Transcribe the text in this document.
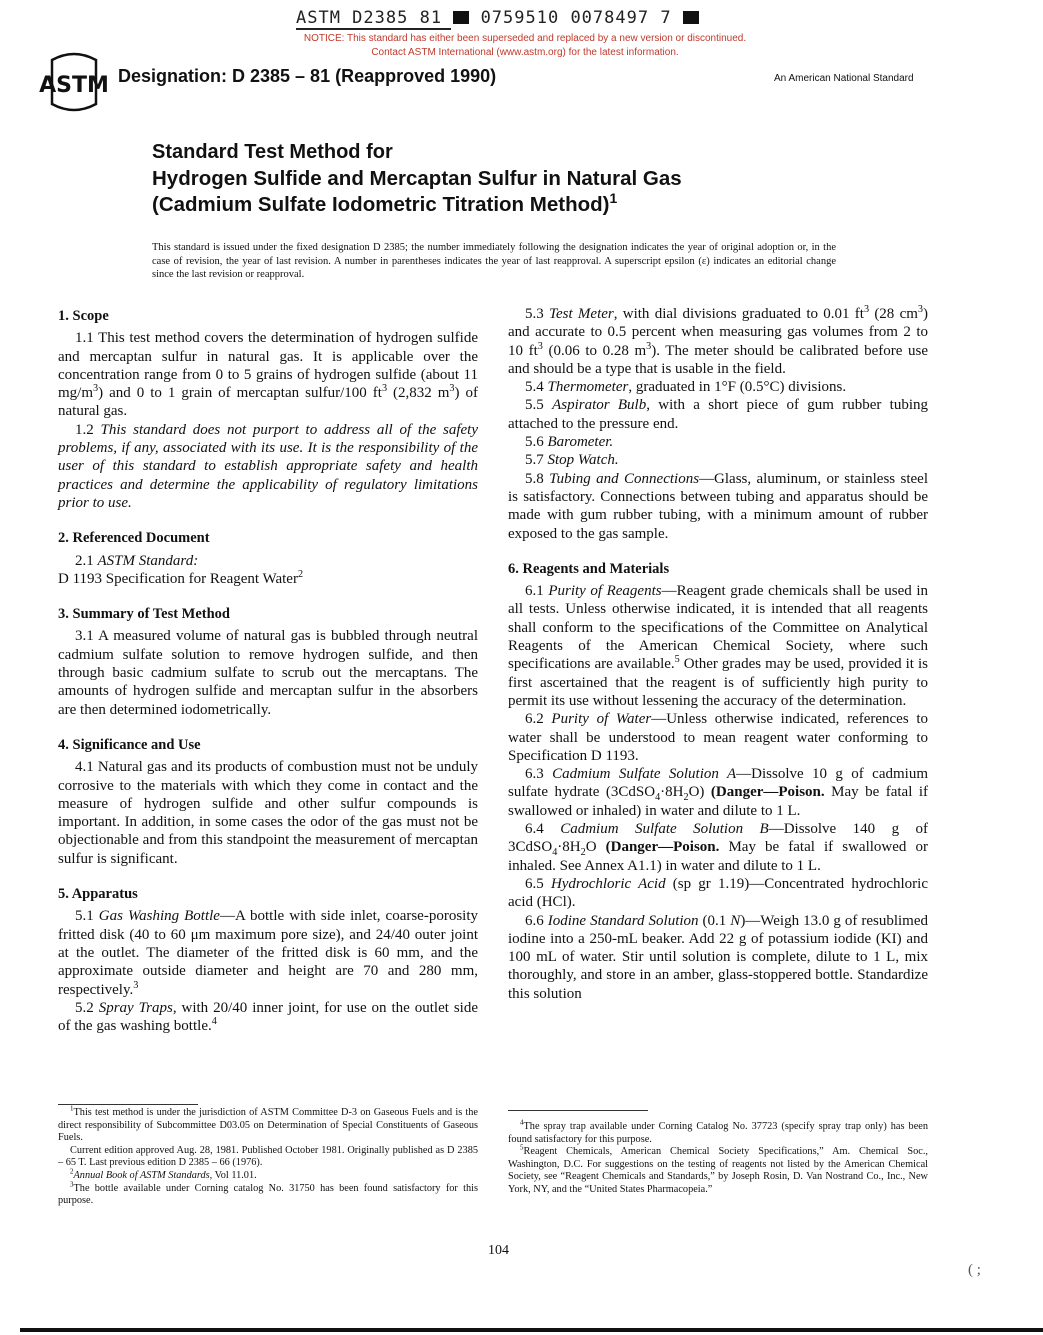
ASTM D2385 81 0759510 0078497 7
NOTICE: This standard has either been superseded and replaced by a new version or discontinued.
Contact ASTM International (www.astm.org) for the latest information.
ASTM Designation: D 2385 – 81 (Reapproved 1990)	An American National Standard
Standard Test Method for
Hydrogen Sulfide and Mercaptan Sulfur in Natural Gas
(Cadmium Sulfate Iodometric Titration Method)$^1$
This standard is issued under the fixed designation D 2385; the number immediately following the designation indicates the year of original adoption or, in the case of revision, the year of last revision. A number in parentheses indicates the year of last reapproval. A superscript epsilon (ε) indicates an editorial change since the last revision or reapproval.
1. Scope

1.1 This test method covers the determination of hydrogen sulfide and mercaptan sulfur in natural gas. It is applicable over the concentration range from 0 to 5 grains of hydrogen sulfide (about 11 $mg/m^3$) and 0 to 1 grain of mercaptan sulfur/100 $ft^3$ (2,832 $m^3$) of natural gas.

1.2 This standard does not purport to address all of the safety problems, if any, associated with its use. It is the responsibility of the user of this standard to establish appropriate safety and health practices and determine the applicability of regulatory limitations prior to use.

2. Referenced Document

2.1 ASTM Standard:

D 1193 Specification for Reagent Water$^2$

3. Summary of Test Method

3.1 A measured volume of natural gas is bubbled through neutral cadmium sulfate solution to remove hydrogen sulfide, and then through basic cadmium sulfate to scrub out the mercaptans. The amounts of hydrogen sulfide and mercaptan sulfur in the absorbers are then determined iodometrically.

4. Significance and Use

4.1 Natural gas and its products of combustion must not be unduly corrosive to the materials with which they come in contact and the measure of hydrogen sulfide and other sulfur compounds is important. In addition, in some cases the odor of the gas must not be objectionable and from this standpoint the measurement of mercaptan sulfur is significant.

5. Apparatus

5.1 Gas Washing Bottle—A bottle with side inlet, coarse-porosity fritted disk (40 to 60 μm maximum pore size), and 24/40 outer joint at the outlet. The diameter of the fritted disk is 60 mm, and the approximate outside diameter and height are 70 and 280 mm, respectively.$^3$

5.2 Spray Traps, with 20/40 inner joint, for use on the outlet side of the gas washing bottle.$^4$

5.3 Test Meter, with dial divisions graduated to 0.01 $ft^3$ (28 $cm^3$) and accurate to 0.5 percent when measuring gas volumes from 2 to 10 $ft^3$ (0.06 to 0.28 $m^3$). The meter should be calibrated before use and should be a type that is usable in the field.

5.4 Thermometer, graduated in 1°F (0.5°C) divisions.

5.5 Aspirator Bulb, with a short piece of gum rubber tubing attached to the pressure end.

5.6 Barometer.

5.7 Stop Watch.

5.8 Tubing and Connections—Glass, aluminum, or stainless steel is satisfactory. Connections between tubing and apparatus should be made with gum rubber tubing, with a minimum amount of rubber exposed to the gas sample.

6. Reagents and Materials

6.1 Purity of Reagents—Reagent grade chemicals shall be used in all tests. Unless otherwise indicated, it is intended that all reagents shall conform to the specifications of the Committee on Analytical Reagents of the American Chemical Society, where such specifications are available.$^5$ Other grades may be used, provided it is first ascertained that the reagent is of sufficiently high purity to permit its use without lessening the accuracy of the determination.

6.2 Purity of Water—Unless otherwise indicated, references to water shall be understood to mean reagent water conforming to Specification D 1193.

6.3 Cadmium Sulfate Solution A—Dissolve 10 g of cadmium sulfate hydrate $(3CdSO_4\cdot 8H_2O)$ (Danger—Poison. May be fatal if swallowed or inhaled) in water and dilute to 1 L.

6.4 Cadmium Sulfate Solution B—Dissolve 140 g of $3CdSO_4\cdot 8H_2O$ (Danger—Poison. May be fatal if swallowed or inhaled. See Annex A1.1) in water and dilute to 1 L.

6.5 Hydrochloric Acid (sp gr 1.19)—Concentrated hydrochloric acid (HCl).

6.6 Iodine Standard Solution (0.1 N)—Weigh 13.0 g of resublimed iodine into a 250-mL beaker. Add 22 g of potassium iodide (KI) and 100 mL of water. Stir until solution is complete, dilute to 1 L, mix thoroughly, and store in an amber, glass-stoppered bottle. Standardize this solution

$^1$This test method is under the jurisdiction of ASTM Committee D-3 on Gaseous Fuels and is the direct responsibility of Subcommittee D03.05 on Determination of Special Constituents of Gaseous Fuels.

Current edition approved Aug. 28, 1981. Published October 1981. Originally published as D 2385 – 65 T. Last previous edition D 2385 – 66 (1976).

$^2$Annual Book of ASTM Standards, Vol 11.01.

$^3$The bottle available under Corning catalog No. 31750 has been found satisfactory for this purpose.

$^4$The spray trap available under Corning Catalog No. 37723 (specify spray trap only) has been found satisfactory for this purpose.

$^5$Reagent Chemicals, American Chemical Society Specifications,” Am. Chemical Soc., Washington, D.C. For suggestions on the testing of reagents not listed by the American Chemical Society, see “Reagent Chemicals and Standards,” by Joseph Rosin, D. Van Nostrand Co., Inc., New York, NY, and the “United States Pharmacopeia.”

104
( ;
